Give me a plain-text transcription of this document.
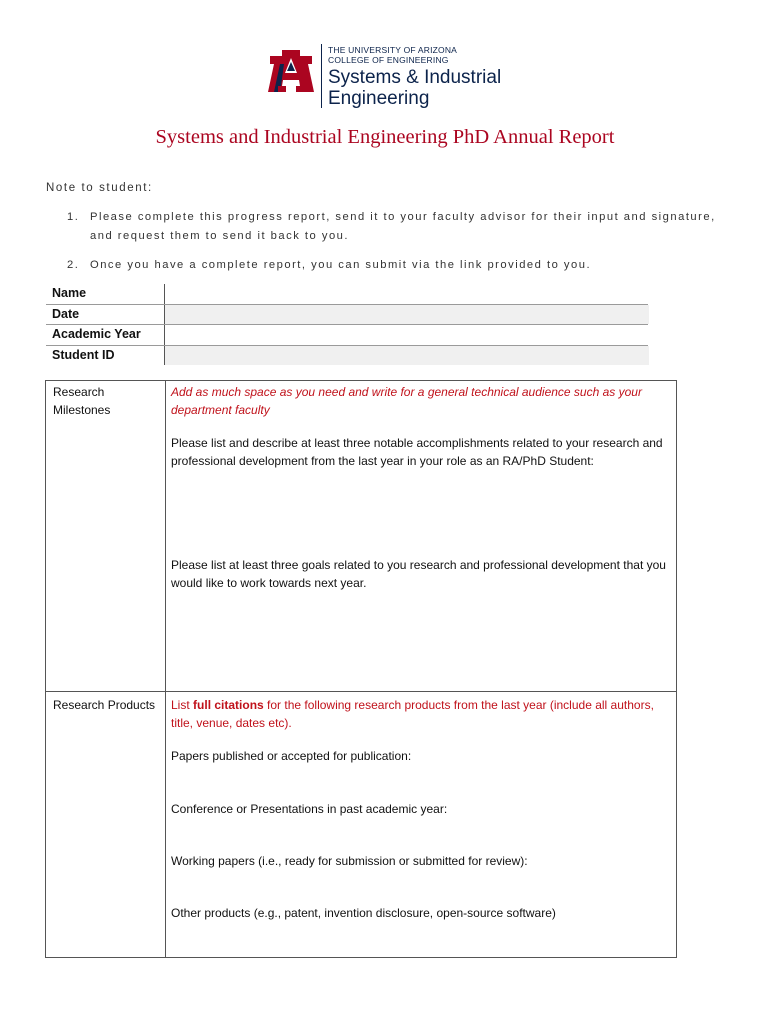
THE UNIVERSITY OF ARIZONA
COLLEGE OF ENGINEERING
Systems & Industrial
Engineering
Systems and Industrial Engineering PhD Annual Report
Note to student:
1. Please complete this progress report, send it to your faculty advisor for their input and signature, and request them to send it back to you.
2. Once you have a complete report, you can submit via the link provided to you.
Name
Date
Academic Year
Student ID
Research
Milestones
Add as much space as you need and write for a general technical audience such as your department faculty
Please list and describe at least three notable accomplishments related to your research and professional development from the last year in your role as an RA/PhD Student:
Please list at least three goals related to you research and professional development that you would like to work towards next year.
Research Products List full citations for the following research products from the last year (include all authors, title, venue, dates etc).
Papers published or accepted for publication:
Conference or Presentations in past academic year:
Working papers (i.e., ready for submission or submitted for review):
Other products (e.g., patent, invention disclosure, open-source software)
